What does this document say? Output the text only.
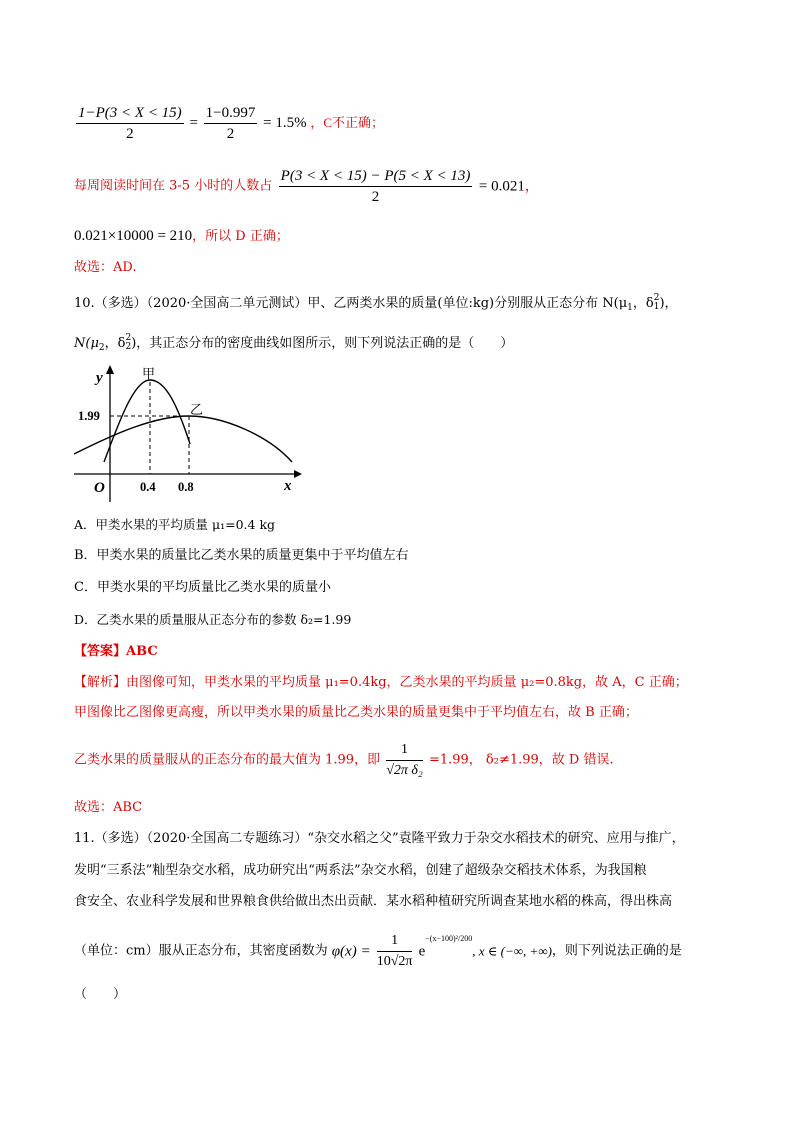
$\frac{1-P(3 < X < 15)}{2} = \frac{1-0.997}{2} = 1.5\%$ ，C不正确；
每周阅读时间在 3-5 小时的人数占 $\frac{P(3 < X < 15) - P(5 < X < 13)}{2} = 0.021$，
0.021×10000 = 210，所以 D 正确；
故选：AD.
10.（多选）（2020·全国高二单元测试）甲、乙两类水果的质量(单位:kg)分别服从正态分布 $N(\mu_1$，δ 2
1 )，
$N(\mu_2$，δ 2
2 )，其正态分布的密度曲线如图所示，则下列说法正确的是（　　）
y
x
O
甲
乙
1.99
0.4 0.8
A．甲类水果的平均质量 μ₁=0.4 kg
B．甲类水果的质量比乙类水果的质量更集中于平均值左右
C．甲类水果的平均质量比乙类水果的质量小
D．乙类水果的质量服从正态分布的参数 δ₂=1.99
【答案】ABC
【解析】由图像可知，甲类水果的平均质量 μ₁=0.4kg，乙类水果的平均质量 μ₂=0.8kg，故 A，C 正确；
甲图像比乙图像更高瘦，所以甲类水果的质量比乙类水果的质量更集中于平均值左右，故 B 正确；
乙类水果的质量服从的正态分布的最大值为 1.99，即 $\frac{1}{\text{√2π δ₂}} =1.99$， δ₂≠1.99，故 D 错误.
故选：ABC
11.（多选）（2020·全国高二专题练习）“杂交水稻之父”袁隆平致力于杂交水稻技术的研究、应用与推广，
发明“三系法”籼型杂交水稻，成功研究出“两系法”杂交水稻，创建了超级杂交稻技术体系，为我国粮
食安全、农业科学发展和世界粮食供给做出杰出贡献．某水稻种植研究所调查某地水稻的株高，得出株高
（单位：cm）服从正态分布，其密度函数为 $\varphi(x) = \frac{1}{10√2\pi} e^{-(x-100)^2/200}$, x ∈ (−∞, +∞)，则下列说法正确的是
（　　）
